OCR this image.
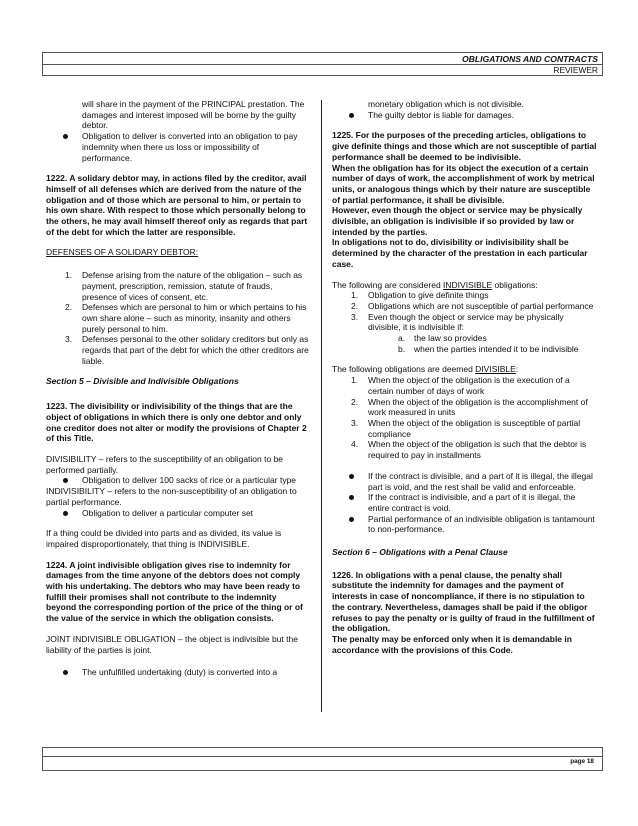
OBLIGATIONS AND CONTRACTS
REVIEWER

will share in the payment of the PRINCIPAL prestation. The damages and interest imposed will be borne by the guilty debtor.

Obligation to deliver is converted into an obligation to pay indemnity when there us loss or impossibility of performance.

1222. A solidary debtor may, in actions filed by the creditor, avail himself of all defenses which are derived from the nature of the obligation and of those which are personal to him, or pertain to his own share. With respect to those which personally belong to the others, he may avail himself thereof only as regards that part of the debt for which the latter are responsible.

DEFENSES OF A SOLIDARY DEBTOR:

1. Defense arising from the nature of the obligation – such as payment, prescription, remission, statute of frauds, presence of vices of consent, etc.
2. Defenses which are personal to him or which pertains to his own share alone – such as minority, insanity and others purely personal to him.
3. Defenses personal to the other solidary creditors but only as regards that part of the debt for which the other creditors are liable.

Section 5 – Divisible and Indivisible Obligations

1223. The divisibility or indivisibility of the things that are the object of obligations in which there is only one debtor and only one creditor does not alter or modify the provisions of Chapter 2 of this Title.

DIVISIBILITY – refers to the susceptibility of an obligation to be performed partially.

Obligation to deliver 100 sacks of rice or a particular type

INDIVISIBILITY – refers to the non-susceptibility of an obligation to partial performance.

Obligation to deliver a particular computer set

If a thing could be divided into parts and as divided, its value is impaired disproportionately, that thing is INDIVISIBLE.

1224. A joint indivisible obligation gives rise to indemnity for damages from the time anyone of the debtors does not comply with his undertaking. The debtors who may have been ready to fulfill their promises shall not contribute to the indemnity beyond the corresponding portion of the price of the thing or of the value of the service in which the obligation consists.

JOINT INDIVISIBLE OBLIGATION – the object is indivisible but the liability of the parties is joint.

The unfulfilled undertaking (duty) is converted into a

monetary obligation which is not divisible.

The guilty debtor is liable for damages.

1225. For the purposes of the preceding articles, obligations to give definite things and those which are not susceptible of partial performance shall be deemed to be indivisible.

When the obligation has for its object the execution of a certain number of days of work, the accomplishment of work by metrical units, or analogous things which by their nature are susceptible of partial performance, it shall be divisible.

However, even though the object or service may be physically divisible, an obligation is indivisible if so provided by law or intended by the parties.

In obligations not to do, divisibility or indivisibility shall be determined by the character of the prestation in each particular case.

The following are considered INDIVISIBLE obligations:

1. Obligation to give definite things
2. Obligations which are not susceptible of partial performance
3. Even though the object or service may be physically divisible, it is indivisible if:
a. the law so provides
b. when the parties intended it to be indivisible

The following obligations are deemed DIVISIBLE:

1. When the object of the obligation is the execution of a certain number of days of work
2. When the object of the obligation is the accomplishment of work measured in units
3. When the object of the obligation is susceptible of partial compliance
4. When the object of the obligation is such that the debtor is required to pay in installments
If the contract is divisible, and a part of it is illegal, the illegal part is void, and the rest shall be valid and enforceable.
If the contract is indivisible, and a part of it is illegal, the entire contract is void.
Partial performance of an indivisible obligation is tantamount to non-performance.

Section 6 – Obligations with a Penal Clause

1226. In obligations with a penal clause, the penalty shall substitute the indemnity for damages and the payment of interests in case of noncompliance, if there is no stipulation to the contrary. Nevertheless, damages shall be paid if the obligor refuses to pay the penalty or is guilty of fraud in the fulfillment of the obligation.

The penalty may be enforced only when it is demandable in accordance with the provisions of this Code.

page 18
